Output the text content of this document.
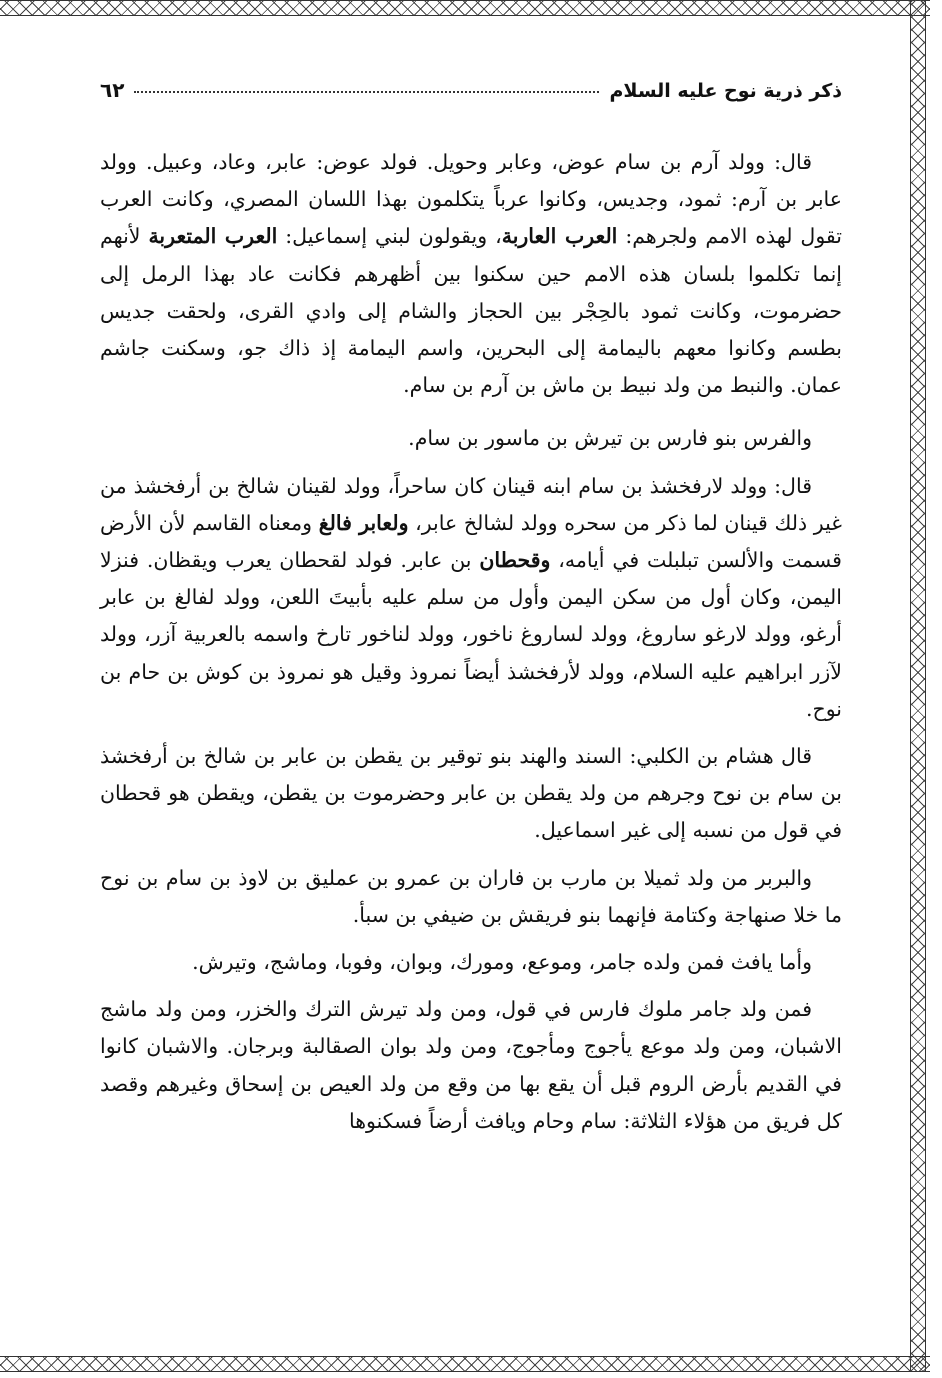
ذكر ذرية نوح عليه السلام
٦٢

قال: وولد آرم بن سام عوض، وعابر وحويل. فولد عوض: عابر، وعاد، وعبيل. وولد عابر بن آرم: ثمود، وجديس، وكانوا عرباً يتكلمون بهذا اللسان المصري، وكانت العرب تقول لهذه الامم ولجرهم: العرب العاربة، ويقولون لبني إسماعيل: العرب المتعربة لأنهم إنما تكلموا بلسان هذه الامم حين سكنوا بين أظهرهم فكانت عاد بهذا الرمل إلى حضرموت، وكانت ثمود بالحِجْر بين الحجاز والشام إلى وادي القرى، ولحقت جديس بطسم وكانوا معهم باليمامة إلى البحرين، واسم اليمامة إذ ذاك جو، وسكنت جاشم عمان. والنبط من ولد نبيط بن ماش بن آرم بن سام.

والفرس بنو فارس بن تيرش بن ماسور بن سام.

قال: وولد لارفخشذ بن سام ابنه قينان كان ساحراً، وولد لقينان شالخ بن أرفخشذ من غير ذلك قينان لما ذكر من سحره وولد لشالخ عابر، ولعابر فالغ ومعناه القاسم لأن الأرض قسمت والألسن تبلبلت في أيامه، وقحطان بن عابر. فولد لقحطان يعرب ويقظان. فنزلا اليمن، وكان أول من سكن اليمن وأول من سلم عليه بأبيتَ اللعن، وولد لفالغ بن عابر أرغو، وولد لارغو ساروغ، وولد لساروغ ناخور، وولد لناخور تارخ واسمه بالعربية آزر، وولد لآزر ابراهيم عليه السلام، وولد لأرفخشذ أيضاً نمروذ وقيل هو نمروذ بن كوش بن حام بن نوح.

قال هشام بن الكلبي: السند والهند بنو توقير بن يقطن بن عابر بن شالخ بن أرفخشذ بن سام بن نوح وجرهم من ولد يقطن بن عابر وحضرموت بن يقطن، ويقطن هو قحطان في قول من نسبه إلى غير اسماعيل.

والبربر من ولد ثميلا بن مارب بن فاران بن عمرو بن عمليق بن لاوذ بن سام بن نوح ما خلا صنهاجة وكتامة فإنهما بنو فريقش بن ضيفي بن سبأ.

وأما يافث فمن ولده جامر، وموعع، ومورك، وبوان، وفوبا، وماشج، وتيرش.

فمن ولد جامر ملوك فارس في قول، ومن ولد تيرش الترك والخزر، ومن ولد ماشج الاشبان، ومن ولد موعع يأجوج ومأجوج، ومن ولد بوان الصقالبة وبرجان. والاشبان كانوا في القديم بأرض الروم قبل أن يقع بها من وقع من ولد العيص بن إسحاق وغيرهم وقصد كل فريق من هؤلاء الثلاثة: سام وحام ويافث أرضاً فسكنوها
